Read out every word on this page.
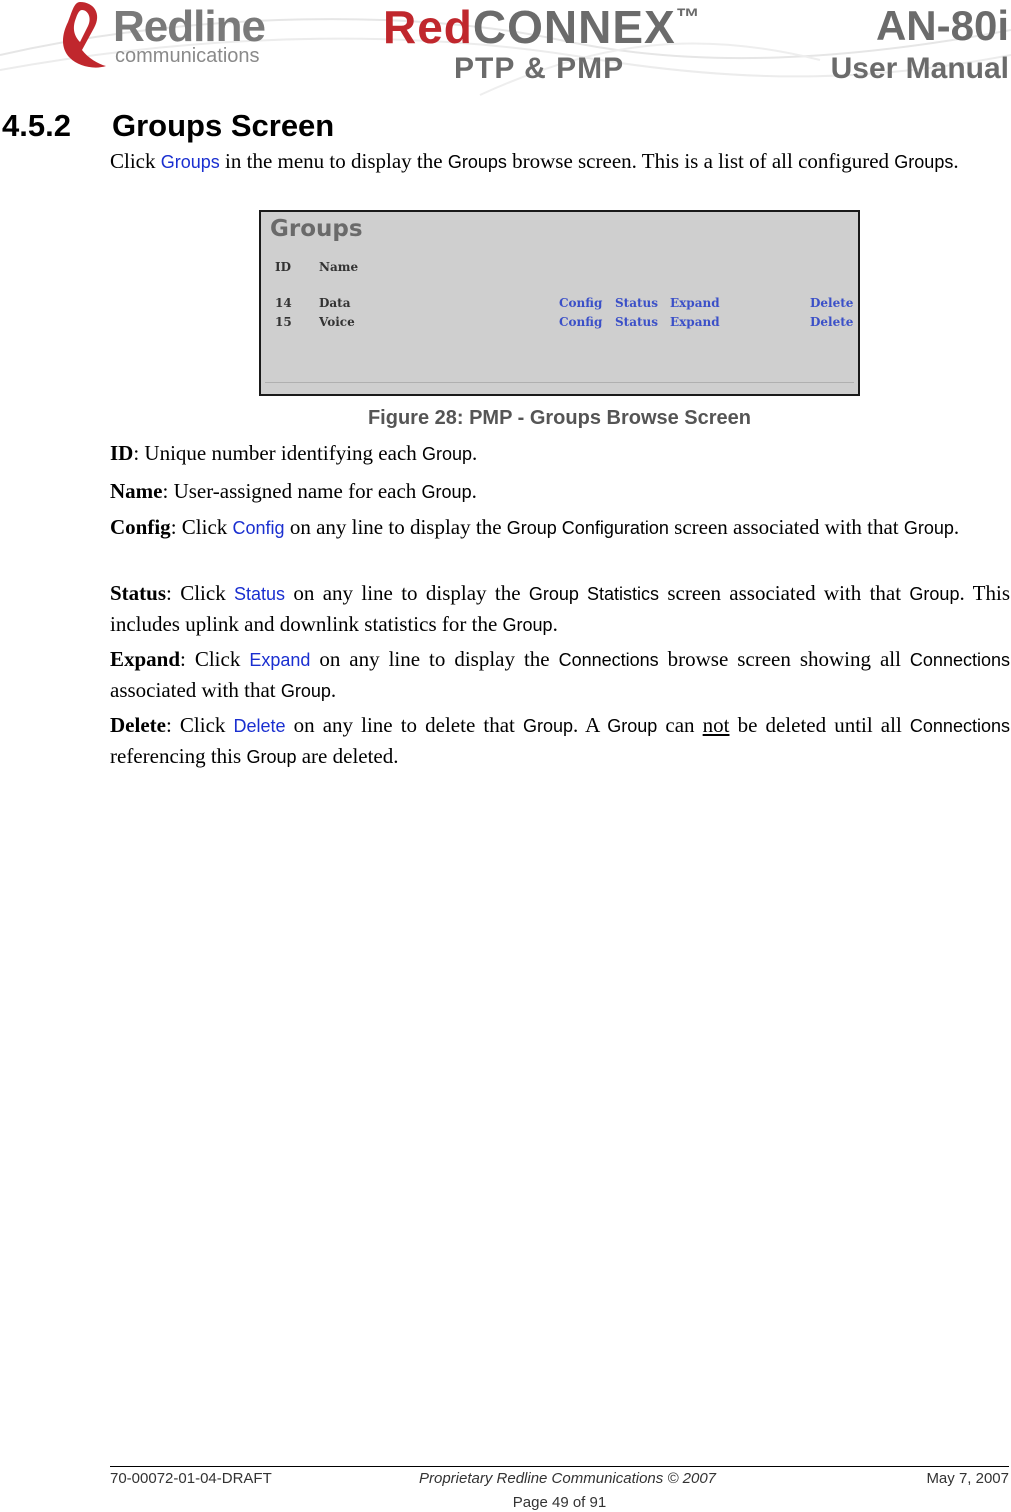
Redline
communications
RedCONNEX™	AN-80i
PTP & PMP	User Manual
4.5.2 Groups Screen
Click Groups in the menu to display the Groups browse screen. This is a list of all configured Groups.
Groups
ID Name
14 Data	Config Status Expand	Delete
15 Voice	Config Status Expand	Delete
Figure 28: PMP - Groups Browse Screen
ID: Unique number identifying each Group.
Name: User-assigned name for each Group.
Config: Click Config on any line to display the Group Configuration screen associated with that Group.
Status: Click Status on any line to display the Group Statistics screen associated with that Group. This includes uplink and downlink statistics for the Group.
Expand: Click Expand on any line to display the Connections browse screen showing all Connections associated with that Group.
Delete: Click Delete on any line to delete that Group. A Group can not be deleted until all Connections referencing this Group are deleted.
70-00072-01-04-DRAFT	Proprietary Redline Communications © 2007	May 7, 2007
Page 49 of 91
